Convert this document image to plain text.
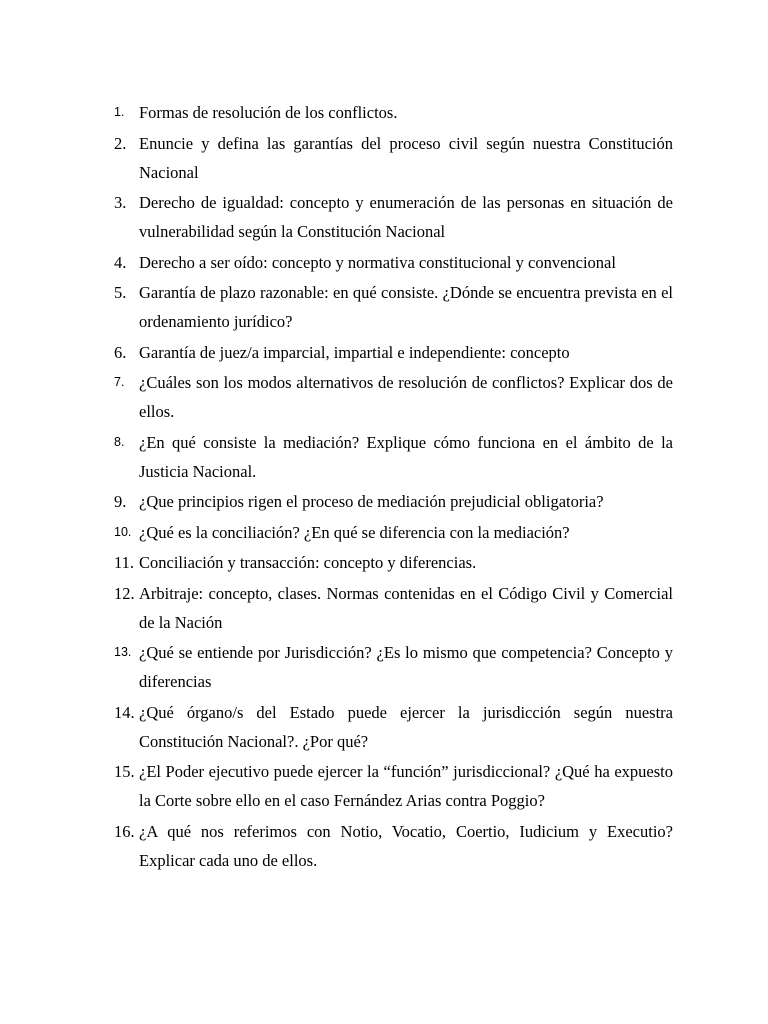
1. Formas de resolución de los conflictos.
2. Enuncie y defina las garantías del proceso civil según nuestra Constitución Nacional
3. Derecho de igualdad: concepto y enumeración de las personas en situación de vulnerabilidad según la Constitución Nacional
4. Derecho a ser oído: concepto y normativa constitucional y convencional
5. Garantía de plazo razonable: en qué consiste. ¿Dónde se encuentra prevista en el ordenamiento jurídico?
6. Garantía de juez/a imparcial, impartial e independiente: concepto
7. ¿Cuáles son los modos alternativos de resolución de conflictos? Explicar dos de ellos.
8. ¿En qué consiste la mediación? Explique cómo funciona en el ámbito de la Justicia Nacional.
9. ¿Que principios rigen el proceso de mediación prejudicial obligatoria?
10. ¿Qué es la conciliación? ¿En qué se diferencia con la mediación?
11. Conciliación y transacción: concepto y diferencias.
12. Arbitraje: concepto, clases. Normas contenidas en el Código Civil y Comercial de la Nación
13. ¿Qué se entiende por Jurisdicción? ¿Es lo mismo que competencia? Concepto y diferencias
14. ¿Qué órgano/s del Estado puede ejercer la jurisdicción según nuestra Constitución Nacional?. ¿Por qué?
15. ¿El Poder ejecutivo puede ejercer la “función” jurisdiccional? ¿Qué ha expuesto la Corte sobre ello en el caso Fernández Arias contra Poggio?
16. ¿A qué nos referimos con Notio, Vocatio, Coertio, Iudicium y Executio? Explicar cada uno de ellos.
